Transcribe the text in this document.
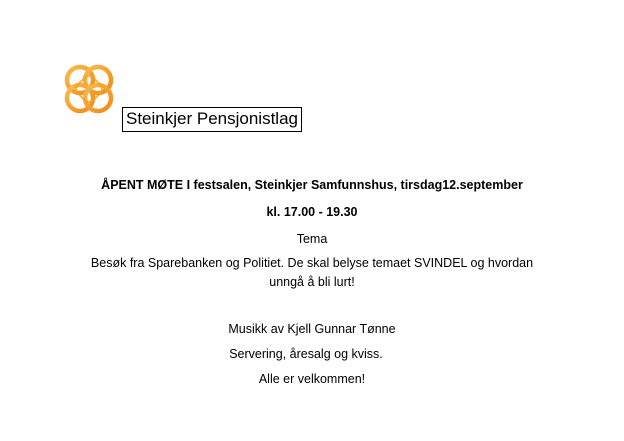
Steinkjer Pensjonistlag
ÅPENT MØTE I festsalen, Steinkjer Samfunnshus, tirsdag12.september
kl. 17.00 - 19.30
Tema
Besøk fra Sparebanken og Politiet. De skal belyse temaet SVINDEL og hvordan
unngå å bli lurt!
Musikk av Kjell Gunnar Tønne
Servering, åresalg og kviss.
Alle er velkommen!
